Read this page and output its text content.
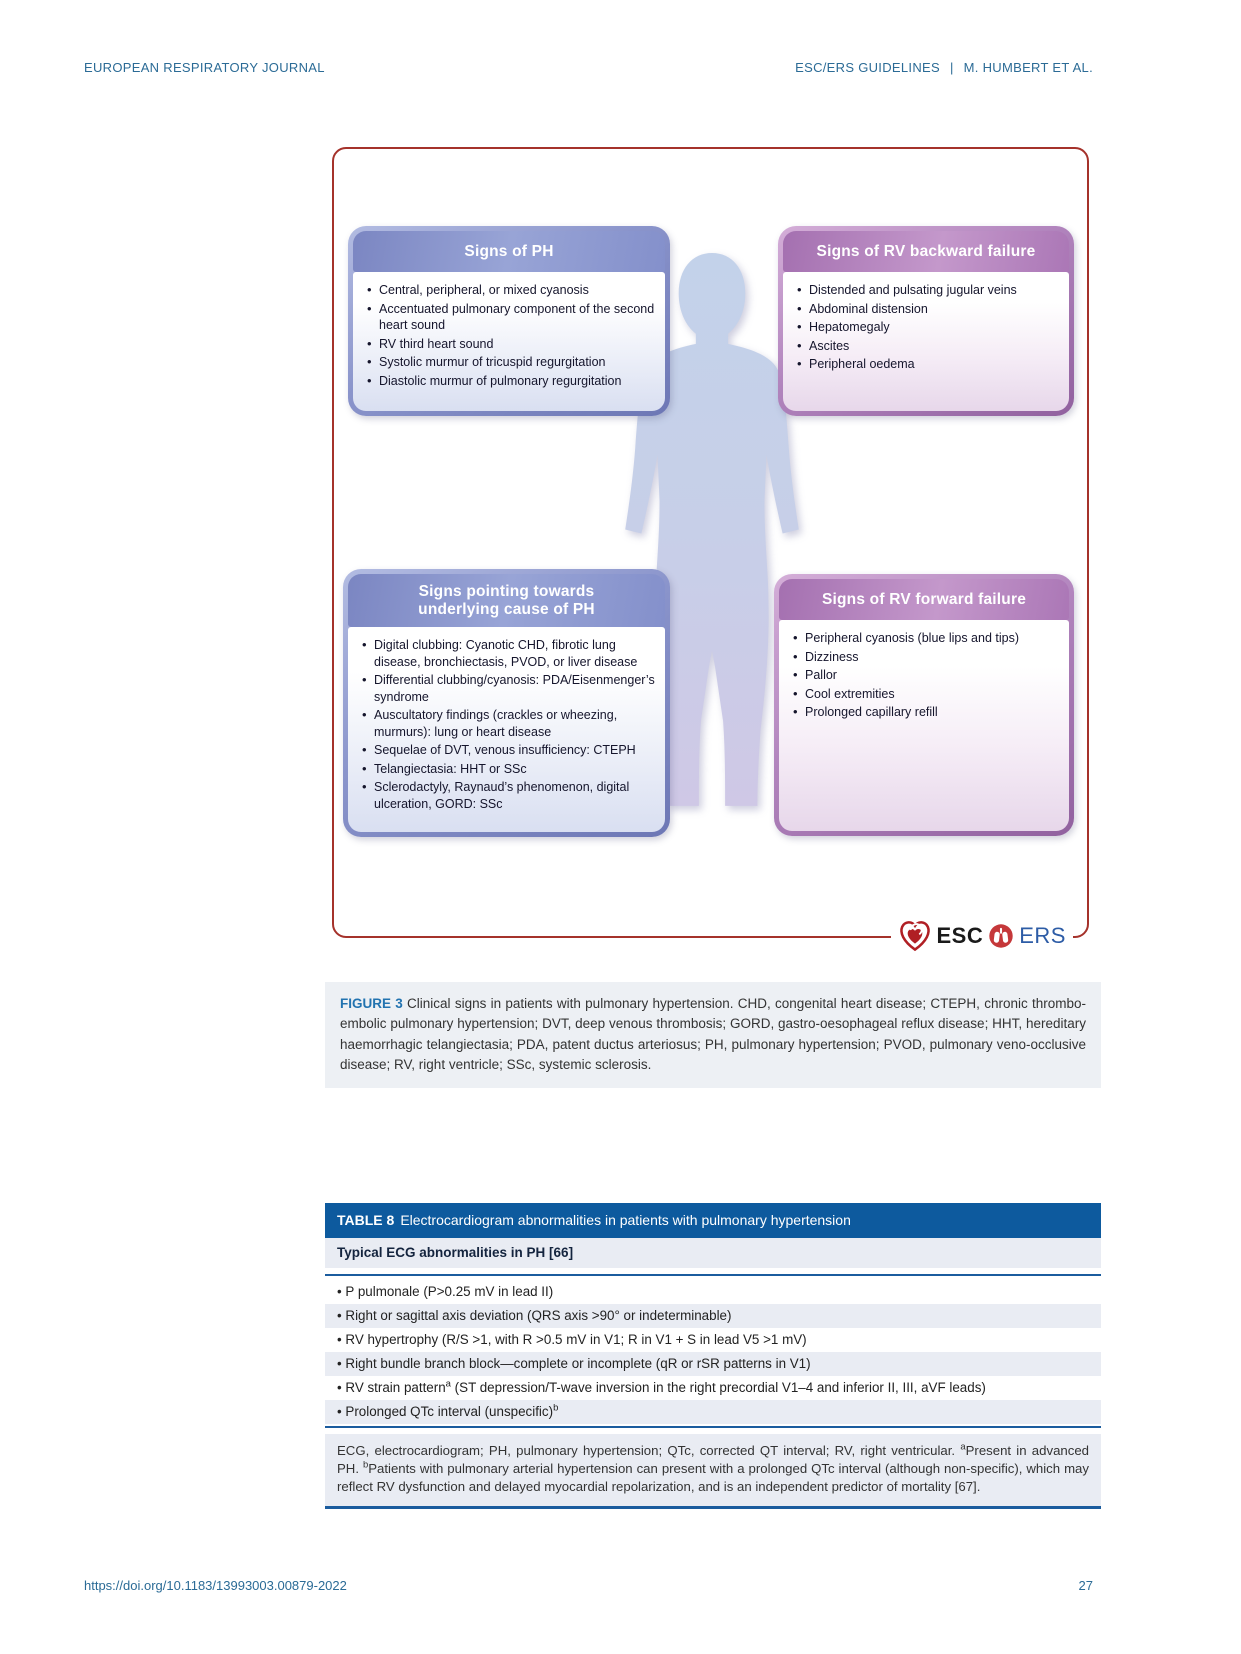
EUROPEAN RESPIRATORY JOURNAL	ESC/ERS GUIDELINES | M. HUMBERT ET AL.
Signs of PH
• Central, peripheral, or mixed cyanosis
• Accentuated pulmonary component of the second heart sound
• RV third heart sound
• Systolic murmur of tricuspid regurgitation
• Diastolic murmur of pulmonary regurgitation
Signs of RV backward failure
• Distended and pulsating jugular veins
• Abdominal distension
• Hepatomegaly
• Ascites
• Peripheral oedema
Signs pointing towards underlying cause of PH
• Digital clubbing: Cyanotic CHD, fibrotic lung disease, bronchiectasis, PVOD, or liver disease
• Differential clubbing/cyanosis: PDA/Eisenmenger’s syndrome
• Auscultatory findings (crackles or wheezing, murmurs): lung or heart disease
• Sequelae of DVT, venous insufficiency: CTEPH
• Telangiectasia: HHT or SSc
• Sclerodactyly, Raynaud’s phenomenon, digital ulceration, GORD: SSc
Signs of RV forward failure
• Peripheral cyanosis (blue lips and tips)
• Dizziness
• Pallor
• Cool extremities
• Prolonged capillary refill
ESC ERS
FIGURE 3 Clinical signs in patients with pulmonary hypertension. CHD, congenital heart disease; CTEPH, chronic thrombo-embolic pulmonary hypertension; DVT, deep venous thrombosis; GORD, gastro-oesophageal reflux disease; HHT, hereditary haemorrhagic telangiectasia; PDA, patent ductus arteriosus; PH, pulmonary hypertension; PVOD, pulmonary veno-occlusive disease; RV, right ventricle; SSc, systemic sclerosis.
TABLE 8 Electrocardiogram abnormalities in patients with pulmonary hypertension
Typical ECG abnormalities in PH [66]
• P pulmonale (P>0.25 mV in lead II)
• Right or sagittal axis deviation (QRS axis >90° or indeterminable)
• RV hypertrophy (R/S >1, with R >0.5 mV in V1; R in V1 + S in lead V5 >1 mV)
• Right bundle branch block—complete or incomplete (qR or rSR patterns in V1)
• RV strain pattern$^a$ (ST depression/T-wave inversion in the right precordial V1–4 and inferior II, III, aVF leads)
• Prolonged QTc interval (unspecific)$^b$
ECG, electrocardiogram; PH, pulmonary hypertension; QTc, corrected QT interval; RV, right ventricular. $^a$Present in advanced PH. $^b$Patients with pulmonary arterial hypertension can present with a prolonged QTc interval (although non-specific), which may reflect RV dysfunction and delayed myocardial repolarization, and is an independent predictor of mortality [67].
https://doi.org/10.1183/13993003.00879-2022	27
